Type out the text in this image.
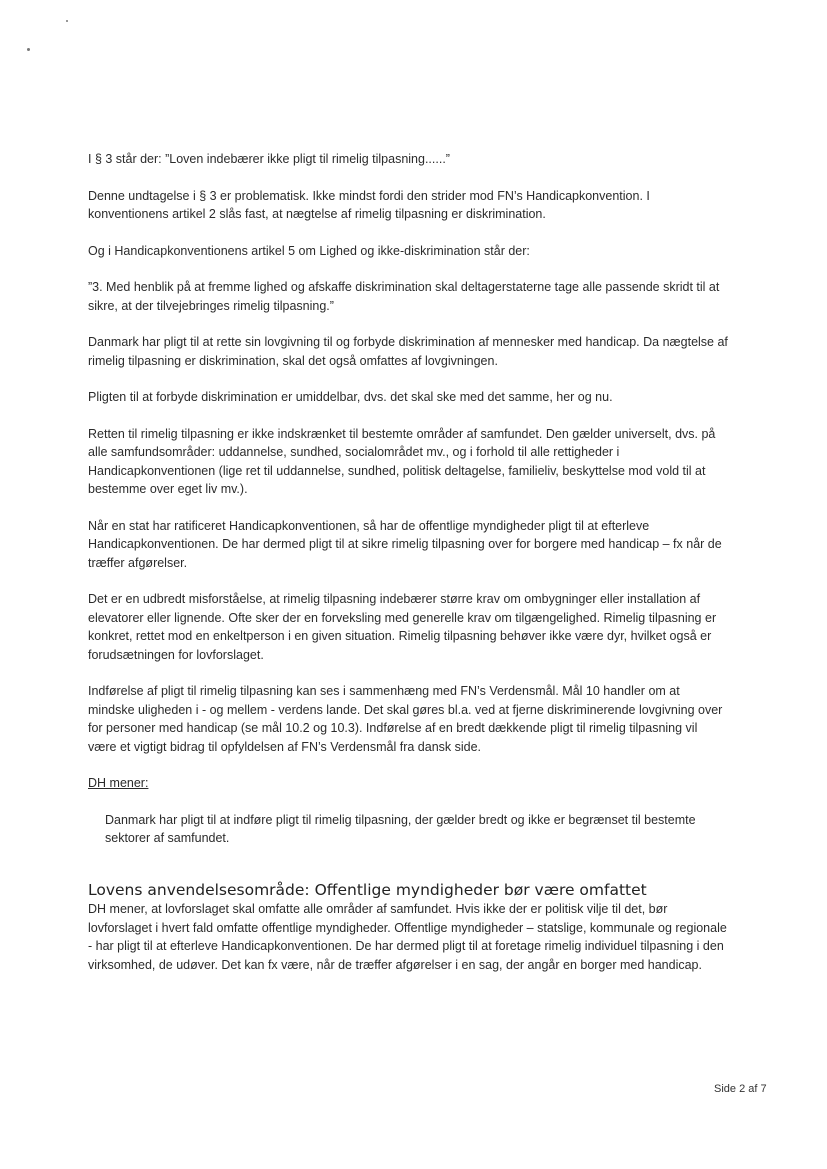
I § 3 står der: ”Loven indebærer ikke pligt til rimelig tilpasning......”

Denne undtagelse i § 3 er problematisk. Ikke mindst fordi den strider mod FN’s Handicapkonvention. I konventionens artikel 2 slås fast, at nægtelse af rimelig tilpasning er diskrimination.

Og i Handicapkonventionens artikel 5 om Lighed og ikke-diskrimination står der:

”3. Med henblik på at fremme lighed og afskaffe diskrimination skal deltagerstaterne tage alle passende skridt til at sikre, at der tilvejebringes rimelig tilpasning.”

Danmark har pligt til at rette sin lovgivning til og forbyde diskrimination af mennesker med handicap. Da nægtelse af rimelig tilpasning er diskrimination, skal det også omfattes af lovgivningen.

Pligten til at forbyde diskrimination er umiddelbar, dvs. det skal ske med det samme, her og nu.

Retten til rimelig tilpasning er ikke indskrænket til bestemte områder af samfundet. Den gælder universelt, dvs. på alle samfundsområder: uddannelse, sundhed, socialområdet mv., og i forhold til alle rettigheder i Handicapkonventionen (lige ret til uddannelse, sundhed, politisk deltagelse, familieliv, beskyttelse mod vold til at bestemme over eget liv mv.).

Når en stat har ratificeret Handicapkonventionen, så har de offentlige myndigheder pligt til at efterleve Handicapkonventionen. De har dermed pligt til at sikre rimelig tilpasning over for borgere med handicap – fx når de træffer afgørelser.

Det er en udbredt misforståelse, at rimelig tilpasning indebærer større krav om ombygninger eller installation af elevatorer eller lignende. Ofte sker der en forveksling med generelle krav om tilgængelighed. Rimelig tilpasning er konkret, rettet mod en enkeltperson i en given situation. Rimelig tilpasning behøver ikke være dyr, hvilket også er forudsætningen for lovforslaget.

Indførelse af pligt til rimelig tilpasning kan ses i sammenhæng med FN’s Verdensmål. Mål 10 handler om at mindske uligheden i - og mellem - verdens lande. Det skal gøres bl.a. ved at fjerne diskriminerende lovgivning over for personer med handicap (se mål 10.2 og 10.3). Indførelse af en bredt dækkende pligt til rimelig tilpasning vil være et vigtigt bidrag til opfyldelsen af FN’s Verdensmål fra dansk side.

DH mener:

Danmark har pligt til at indføre pligt til rimelig tilpasning, der gælder bredt og ikke er begrænset til bestemte sektorer af samfundet.

Lovens anvendelsesområde: Offentlige myndigheder bør være omfattet

DH mener, at lovforslaget skal omfatte alle områder af samfundet. Hvis ikke der er politisk vilje til det, bør lovforslaget i hvert fald omfatte offentlige myndigheder. Offentlige myndigheder – statslige, kommunale og regionale - har pligt til at efterleve Handicapkonventionen. De har dermed pligt til at foretage rimelig individuel tilpasning i den virksomhed, de udøver. Det kan fx være, når de træffer afgørelser i en sag, der angår en borger med handicap.

Side 2 af 7
